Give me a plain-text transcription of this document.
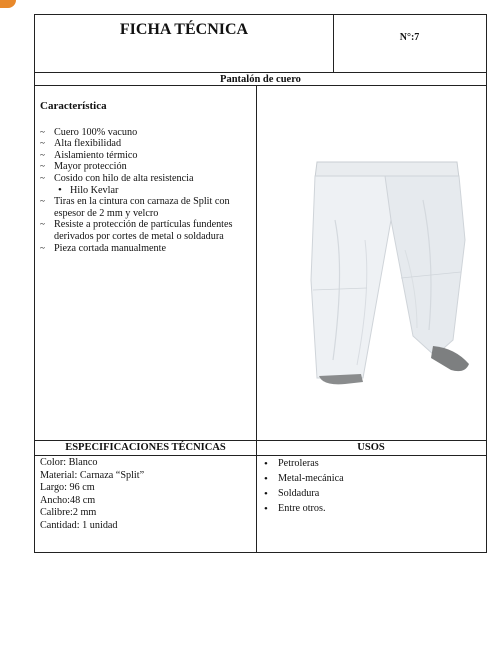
FICHA TÉCNICA	N°:7
Pantalón de cuero
Característica
~ Cuero 100% vacuno
~ Alta flexibilidad
~ Aislamiento térmico
~ Mayor protección
~ Cosido con hilo de alta resistencia
• Hilo Kevlar
~ Tiras en la cintura con carnaza de Split con espesor de 2 mm y velcro
~ Resiste a protección de partículas fundentes derivados por cortes de metal o soldadura
~ Pieza cortada manualmente
ESPECIFICACIONES TÉCNICAS	USOS
Color: Blanco
Material: Carnaza “Split”
Largo: 96 cm
Ancho:48 cm
Calibre:2 mm
Cantidad: 1 unidad
• Petroleras
• Metal-mecánica
• Soldadura
• Entre otros.
